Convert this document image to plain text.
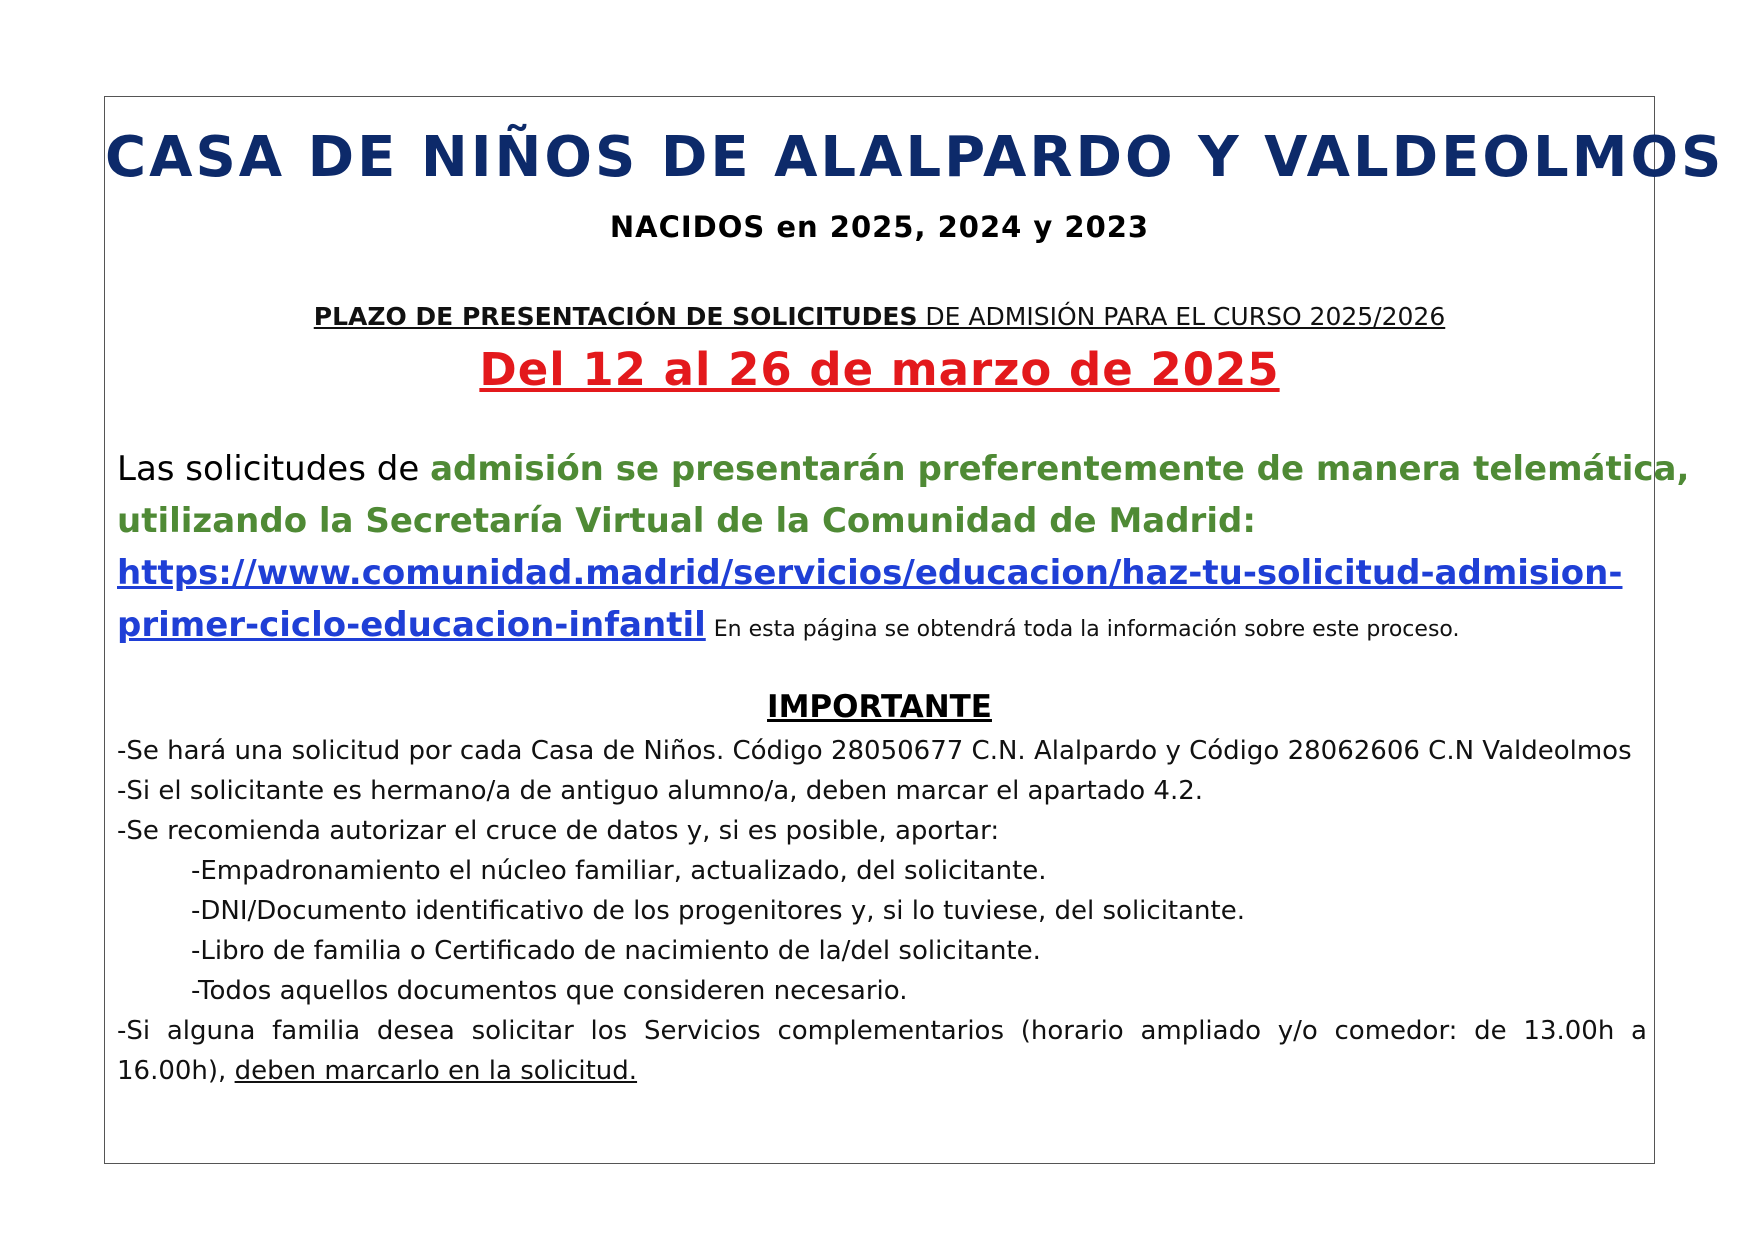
CASA DE NIÑOS DE ALALPARDO Y VALDEOLMOS
NACIDOS en 2025, 2024 y 2023
PLAZO DE PRESENTACIÓN DE SOLICITUDES DE ADMISIÓN PARA EL CURSO 2025/2026
Del 12 al 26 de marzo de 2025
Las solicitudes de admisión se presentarán preferentemente de manera telemática,
utilizando la Secretaría Virtual de la Comunidad de Madrid:
https://www.comunidad.madrid/servicios/educacion/haz-tu-solicitud-admision-
primer-ciclo-educacion-infantil En esta página se obtendrá toda la información sobre este proceso.
IMPORTANTE
-Se hará una solicitud por cada Casa de Niños. Código 28050677 C.N. Alalpardo y Código 28062606 C.N Valdeolmos
-Si el solicitante es hermano/a de antiguo alumno/a, deben marcar el apartado 4.2.
-Se recomienda autorizar el cruce de datos y, si es posible, aportar:
-Empadronamiento el núcleo familiar, actualizado, del solicitante.
-DNI/Documento identificativo de los progenitores y, si lo tuviese, del solicitante.
-Libro de familia o Certificado de nacimiento de la/del solicitante.
-Todos aquellos documentos que consideren necesario.
-Si alguna familia desea solicitar los Servicios complementarios (horario ampliado y/o comedor: de 13.00h a
16.00h), deben marcarlo en la solicitud.
